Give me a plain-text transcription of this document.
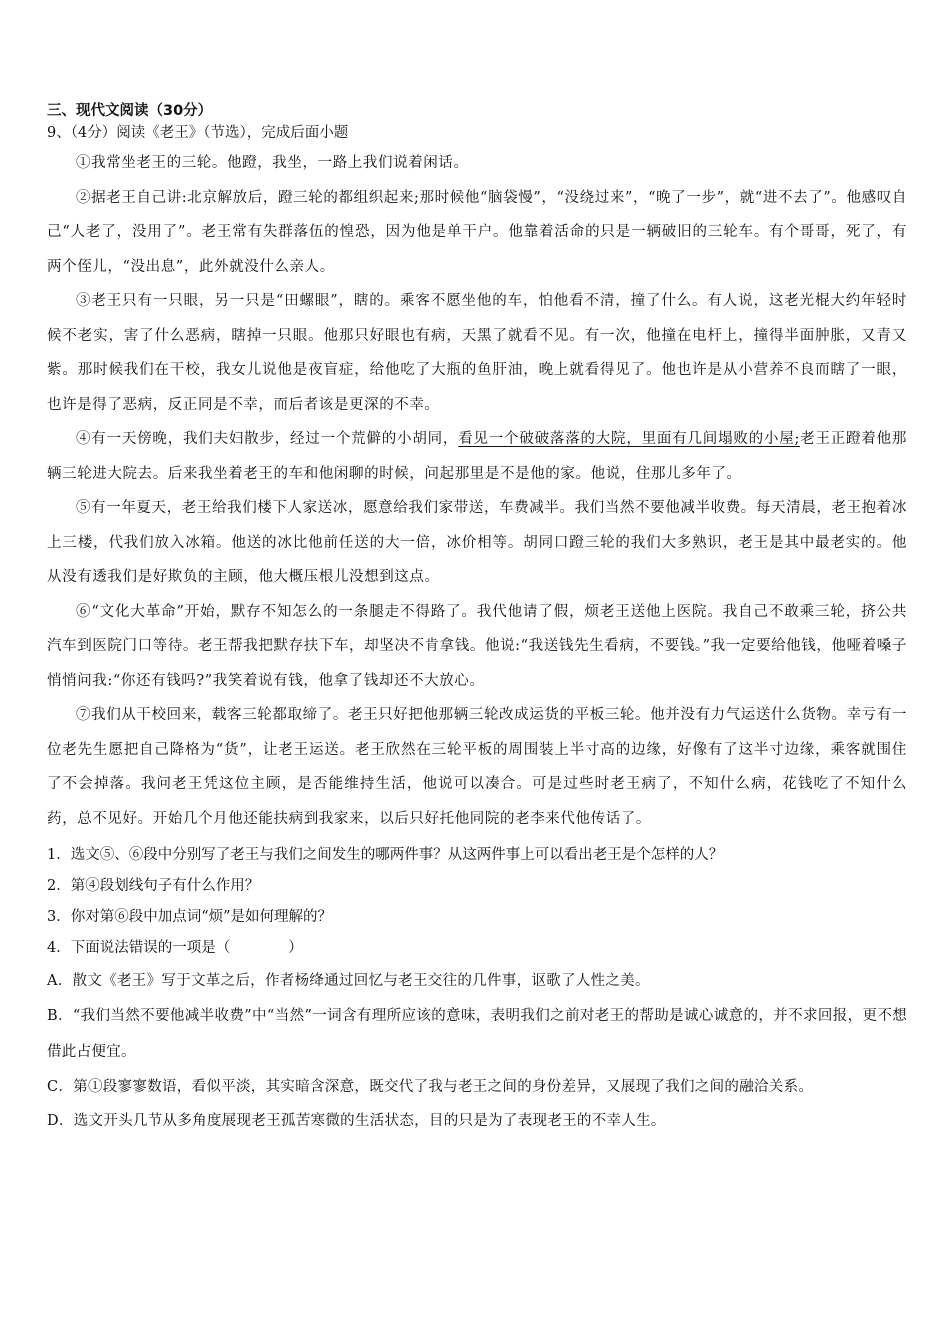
三、现代文阅读（30分）

9、（4分）阅读《老王》（节选），完成后面小题

①我常坐老王的三轮。他蹬，我坐，一路上我们说着闲话。

②据老王自己讲:北京解放后，蹬三轮的都组织起来;那时候他“脑袋慢”，“没绕过来”，“晚了一步”，就“进不去了”。他感叹自己“人老了，没用了”。老王常有失群落伍的惶恐，因为他是单干户。他靠着活命的只是一辆破旧的三轮车。有个哥哥，死了，有两个侄儿，“没出息”，此外就没什么亲人。

③老王只有一只眼，另一只是“田螺眼”，瞎的。乘客不愿坐他的车，怕他看不清，撞了什么。有人说，这老光棍大约年轻时候不老实，害了什么恶病，瞎掉一只眼。他那只好眼也有病，天黑了就看不见。有一次，他撞在电杆上，撞得半面肿胀，又青又紫。那时候我们在干校，我女儿说他是夜盲症，给他吃了大瓶的鱼肝油，晚上就看得见了。他也许是从小营养不良而瞎了一眼，也许是得了恶病，反正同是不幸，而后者该是更深的不幸。

④有一天傍晚，我们夫妇散步，经过一个荒僻的小胡同，看见一个破破落落的大院，里面有几间塌败的小屋;老王正蹬着他那辆三轮进大院去。后来我坐着老王的车和他闲聊的时候，问起那里是不是他的家。他说，住那儿多年了。

⑤有一年夏天，老王给我们楼下人家送冰，愿意给我们家带送，车费减半。我们当然不要他减半收费。每天清晨，老王抱着冰上三楼，代我们放入冰箱。他送的冰比他前任送的大一倍，冰价相等。胡同口蹬三轮的我们大多熟识，老王是其中最老实的。他从没有透我们是好欺负的主顾，他大概压根儿没想到这点。

⑥“文化大革命”开始，默存不知怎么的一条腿走不得路了。我代他请了假，烦老王送他上医院。我自己不敢乘三轮，挤公共汽车到医院门口等待。老王帮我把默存扶下车，却坚决不肯拿钱。他说:“我送钱先生看病，不要钱。”我一定要给他钱，他哑着嗓子悄悄问我:“你还有钱吗?”我笑着说有钱，他拿了钱却还不大放心。

⑦我们从干校回来，载客三轮都取缔了。老王只好把他那辆三轮改成运货的平板三轮。他并没有力气运送什么货物。幸亏有一位老先生愿把自己降格为“货”，让老王运送。老王欣然在三轮平板的周围装上半寸高的边缘，好像有了这半寸边缘，乘客就围住了不会掉落。我问老王凭这位主顾，是否能维持生活，他说可以凑合。可是过些时老王病了，不知什么病，花钱吃了不知什么药，总不见好。开始几个月他还能扶病到我家来，以后只好托他同院的老李来代他传话了。

1．选文⑤、⑥段中分别写了老王与我们之间发生的哪两件事？从这两件事上可以看出老王是个怎样的人？

2．第④段划线句子有什么作用？

3．你对第⑥段中加点词“烦”是如何理解的？

4．下面说法错误的一项是（　　　　）

A．散文《老王》写于文革之后，作者杨绛通过回忆与老王交往的几件事，讴歌了人性之美。

B．“我们当然不要他减半收费”中“当然”一词含有理所应该的意味，表明我们之前对老王的帮助是诚心诚意的，并不求回报，更不想借此占便宜。

C．第①段寥寥数语，看似平淡，其实暗含深意，既交代了我与老王之间的身份差异，又展现了我们之间的融洽关系。

D．选文开头几节从多角度展现老王孤苦寒微的生活状态，目的只是为了表现老王的不幸人生。
